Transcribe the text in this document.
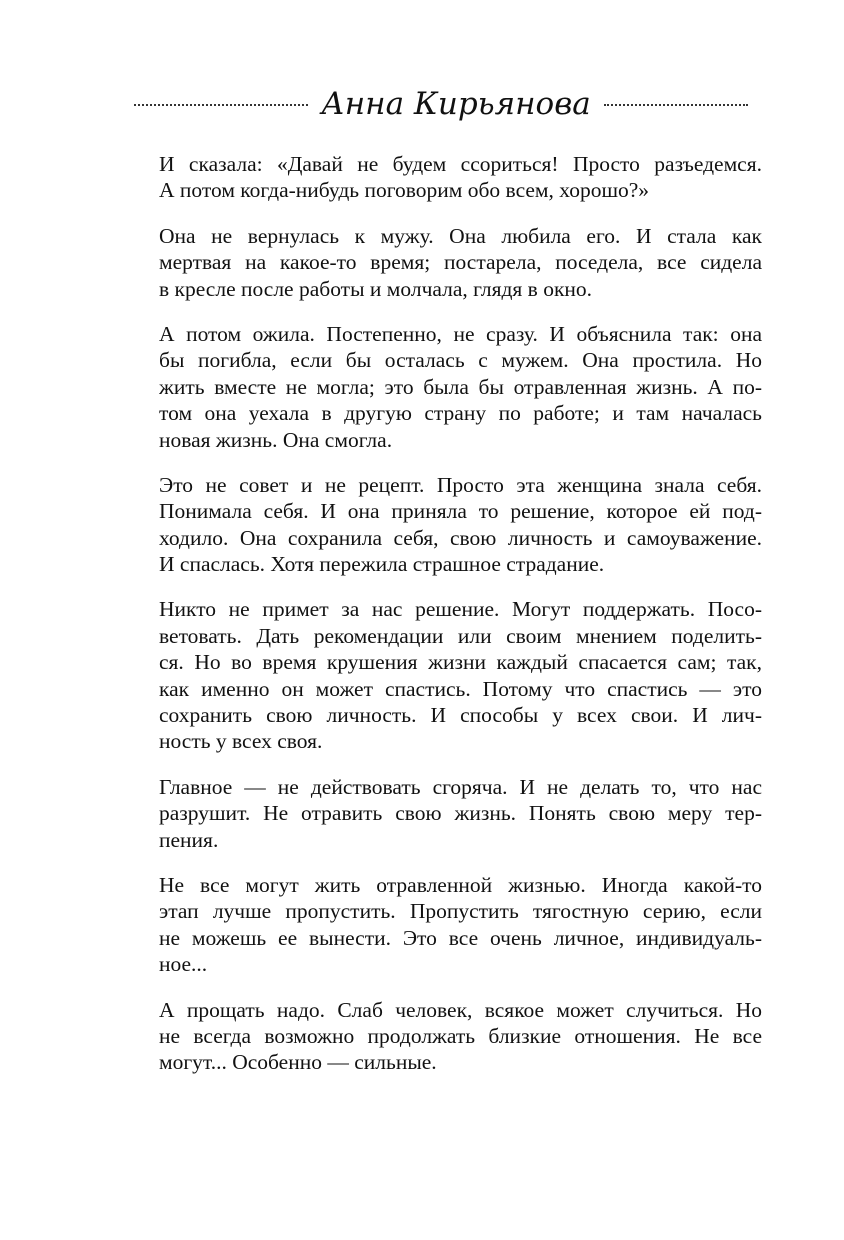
Анна Кирьянова
И сказала: «Давай не будем ссориться! Просто разъедемся.
А потом когда-нибудь поговорим обо всем, хорошо?»
Она не вернулась к мужу. Она любила его. И стала как
мертвая на какое-то время; постарела, поседела, все сидела
в кресле после работы и молчала, глядя в окно.
А потом ожила. Постепенно, не сразу. И объяснила так: она
бы погибла, если бы осталась с мужем. Она простила. Но
жить вместе не могла; это была бы отравленная жизнь. А по-
том она уехала в другую страну по работе; и там началась
новая жизнь. Она смогла.
Это не совет и не рецепт. Просто эта женщина знала себя.
Понимала себя. И она приняла то решение, которое ей под-
ходило. Она сохранила себя, свою личность и самоуважение.
И спаслась. Хотя пережила страшное страдание.
Никто не примет за нас решение. Могут поддержать. Посо-
ветовать. Дать рекомендации или своим мнением поделить-
ся. Но во время крушения жизни каждый спасается сам; так,
как именно он может спастись. Потому что спастись — это
сохранить свою личность. И способы у всех свои. И лич-
ность у всех своя.
Главное — не действовать сгоряча. И не делать то, что нас
разрушит. Не отравить свою жизнь. Понять свою меру тер-
пения.
Не все могут жить отравленной жизнью. Иногда какой-то
этап лучше пропустить. Пропустить тягостную серию, если
не можешь ее вынести. Это все очень личное, индивидуаль-
ное...
А прощать надо. Слаб человек, всякое может случиться. Но
не всегда возможно продолжать близкие отношения. Не все
могут... Особенно — сильные.
